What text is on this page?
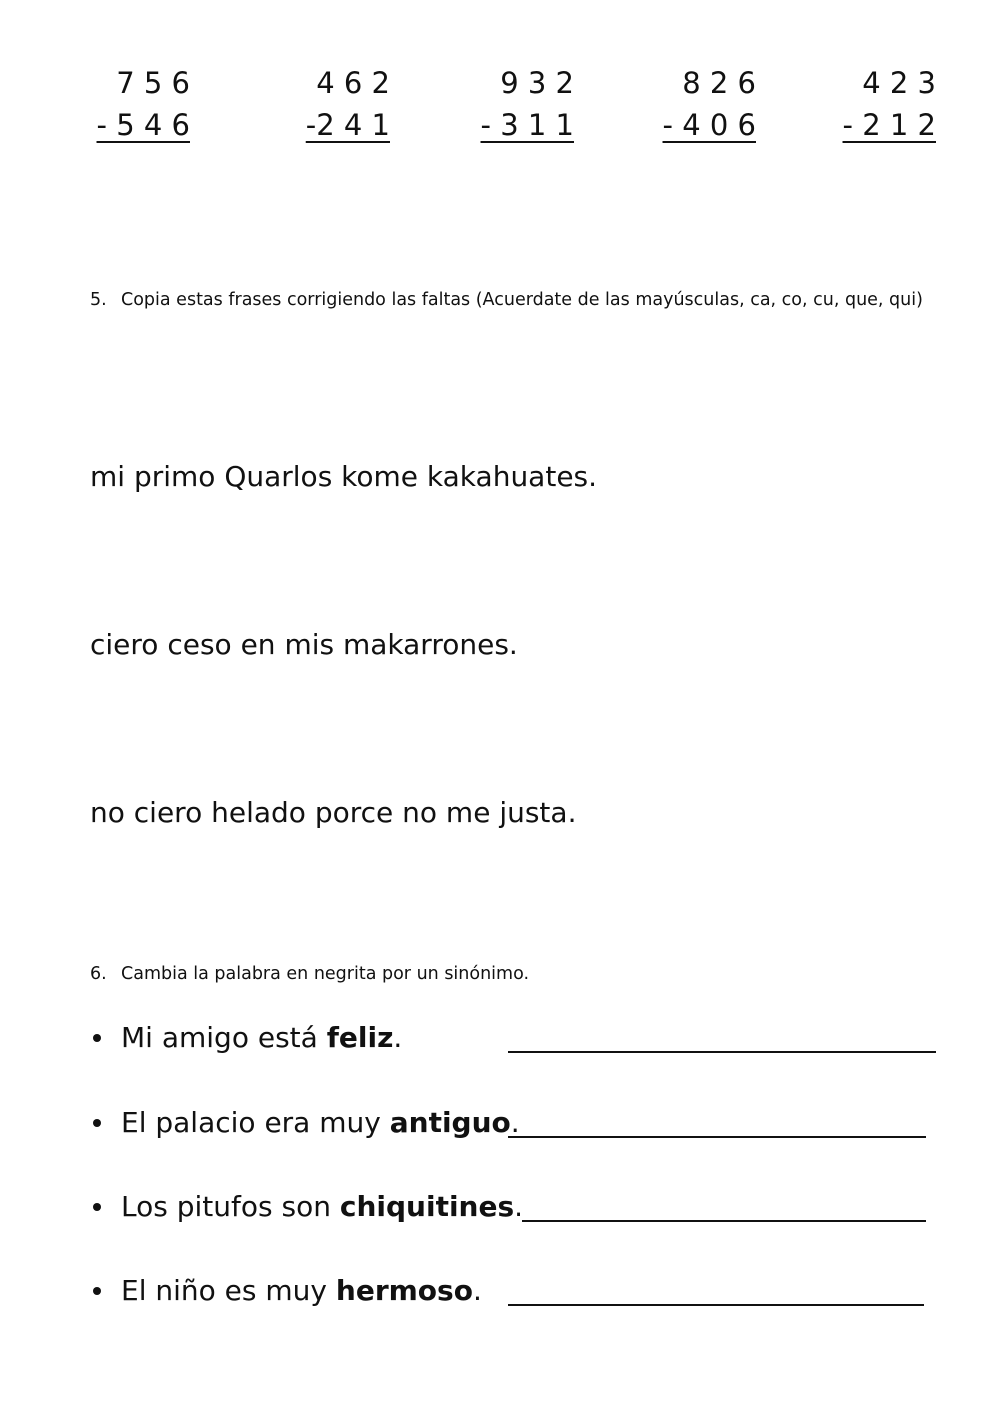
7 5 6
- 5 4 6
4 6 2
-2 4 1
9 3 2
- 3 1 1
8 2 6
- 4 0 6
4 2 3
- 2 1 2
5. Copia estas frases corrigiendo las faltas (Acuerdate de las mayúsculas, ca, co, cu, que, qui)
mi primo Quarlos kome kakahuates.
ciero ceso en mis makarrones.
no ciero helado porce no me justa.
6. Cambia la palabra en negrita por un sinónimo.
Mi amigo está feliz.
El palacio era muy antiguo.
Los pitufos son chiquitines.
El niño es muy hermoso.
